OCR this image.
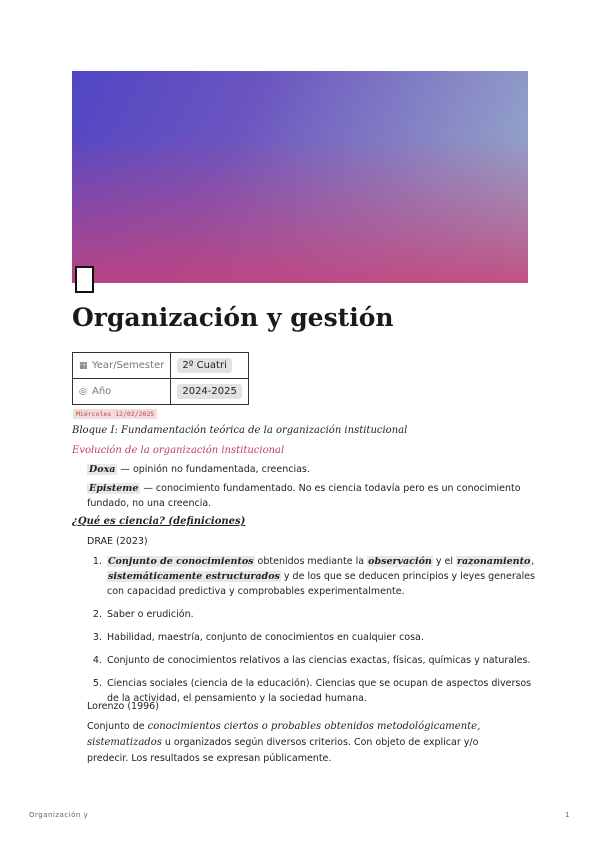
Organización y gestión
▦ Year/Semester	2º Cuatri
◎ Año	2024-2025
Miércoles 12/02/2025
Bloque I: Fundamentación teórica de la organización institucional
Evolución de la organización institucional
Doxa — opinión no fundamentada, creencias.
Episteme — conocimiento fundamentado. No es ciencia todavía pero es un conocimiento fundado, no una creencia.
¿Qué es ciencia? (definiciones)
DRAE (2023)
1. Conjunto de conocimientos obtenidos mediante la observación y el razonamiento, sistemáticamente estructurados y de los que se deducen principios y leyes generales con capacidad predictiva y comprobables experimentalmente.
2. Saber o erudición.
3. Habilidad, maestría, conjunto de conocimientos en cualquier cosa.
4. Conjunto de conocimientos relativos a las ciencias exactas, físicas, químicas y naturales.
5. Ciencias sociales (ciencia de la educación). Ciencias que se ocupan de aspectos diversos de la actividad, el pensamiento y la sociedad humana.
Lorenzo (1996)
Conjunto de conocimientos ciertos o probables obtenidos metodológicamente, sistematizados u organizados según diversos criterios. Con objeto de explicar y/o predecir. Los resultados se expresan públicamente.
Organización y	1
